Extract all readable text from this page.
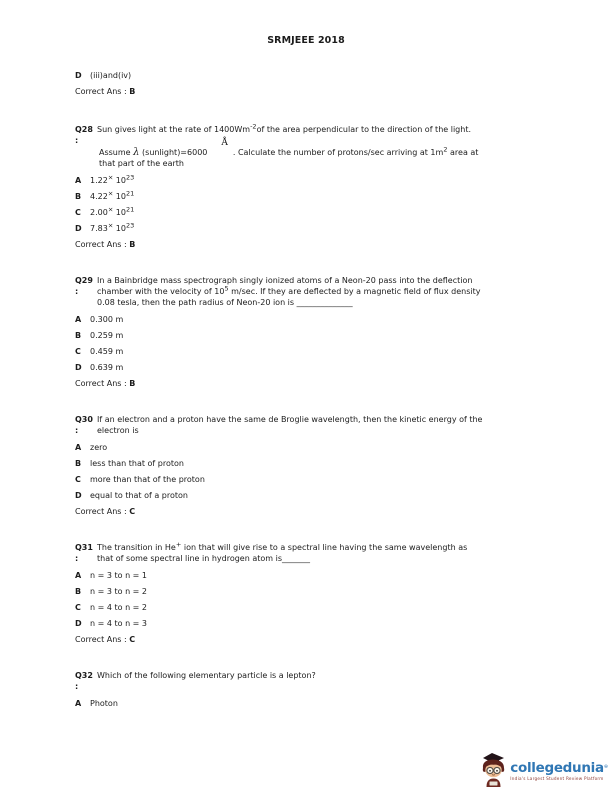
SRMJEEE 2018
D	(iii)and(iv)
Correct Ans : B
Q28
:
Sun gives light at the rate of $1400Wm^{-2}of$ the area perpendicular to the direction of the light.
Assume λ (sunlight)=6000Å. Calculate the number of protons/sec arriving at $1m^2$ area at
that part of the earth
A	1.22× $10^{23}$
B	4.22× $10^{21}$
C	2.00× $10^{21}$
D	7.83× $10^{23}$
Correct Ans : B
Q29
:
In a Bainbridge mass spectrograph singly ionized atoms of a Neon-20 pass into the deflection
chamber with the velocity of $10^5$ m/sec. If they are deflected by a magnetic field of flux density
0.08 tesla, then the path radius of Neon-20 ion is ______________
A	0.300 m
B	0.259 m
C	0.459 m
D	0.639 m
Correct Ans : B
Q30
:
If an electron and a proton have the same de Broglie wavelength, then the kinetic energy of the
electron is
A	zero
B	less than that of proton
C	more than that of the proton
D	equal to that of a proton
Correct Ans : C
Q31
:
The transition in He+ ion that will give rise to a spectral line having the same wavelength as
that of some spectral line in hydrogen atom is_______
A	n = 3 to n = 1
B	n = 3 to n = 2
C	n = 4 to n = 2
D	n = 4 to n = 3
Correct Ans : C
Q32
:
Which of the following elementary particle is a lepton?
A	Photon
collegedunia®
India's Largest Student Review Platform
